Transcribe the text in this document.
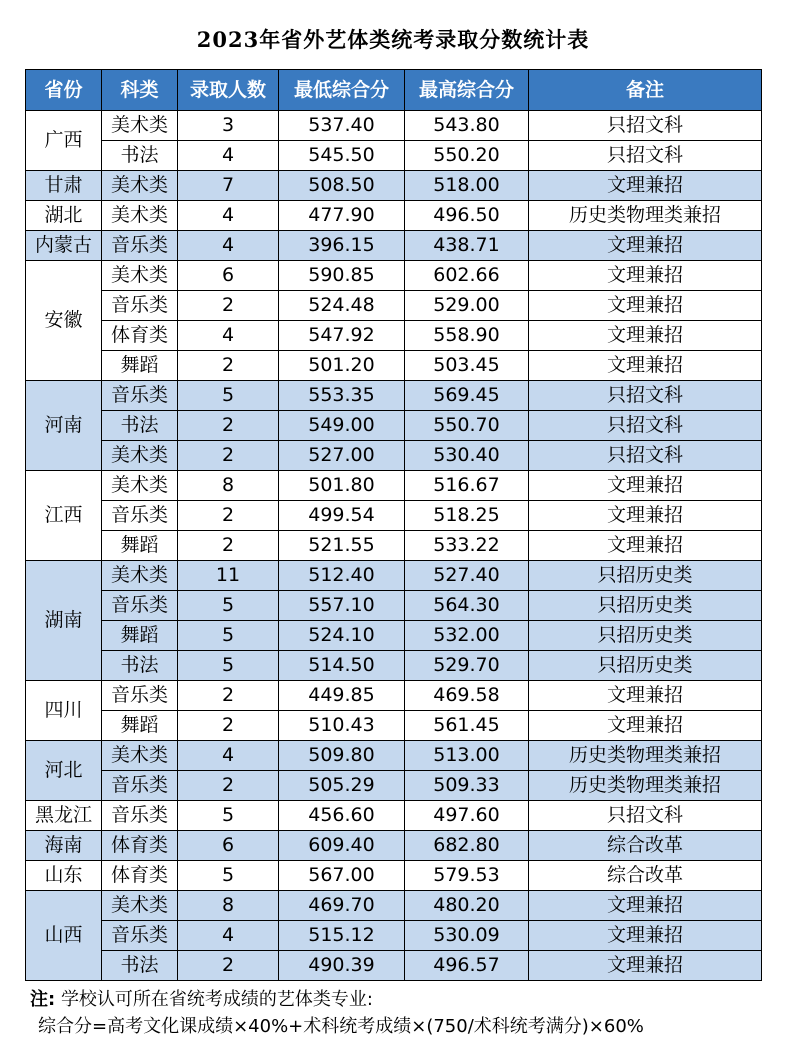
2023年省外艺体类统考录取分数统计表
省份	科类	录取人数	最低综合分	最高综合分	备注
广西	美术类	3	537.40	543.80	只招文科
	书法	4	545.50	550.20	只招文科
甘肃	美术类	7	508.50	518.00	文理兼招
湖北	美术类	4	477.90	496.50	历史类物理类兼招
内蒙古	音乐类	4	396.15	438.71	文理兼招
安徽	美术类	6	590.85	602.66	文理兼招
	音乐类	2	524.48	529.00	文理兼招
	体育类	4	547.92	558.90	文理兼招
	舞蹈	2	501.20	503.45	文理兼招
河南	音乐类	5	553.35	569.45	只招文科
	书法	2	549.00	550.70	只招文科
	美术类	2	527.00	530.40	只招文科
江西	美术类	8	501.80	516.67	文理兼招
	音乐类	2	499.54	518.25	文理兼招
	舞蹈	2	521.55	533.22	文理兼招
湖南	美术类	11	512.40	527.40	只招历史类
	音乐类	5	557.10	564.30	只招历史类
	舞蹈	5	524.10	532.00	只招历史类
	书法	5	514.50	529.70	只招历史类
四川	音乐类	2	449.85	469.58	文理兼招
	舞蹈	2	510.43	561.45	文理兼招
河北	美术类	4	509.80	513.00	历史类物理类兼招
	音乐类	2	505.29	509.33	历史类物理类兼招
黑龙江	音乐类	5	456.60	497.60	只招文科
海南	体育类	6	609.40	682.80	综合改革
山东	体育类	5	567.00	579.53	综合改革
山西	美术类	8	469.70	480.20	文理兼招
	音乐类	4	515.12	530.09	文理兼招
	书法	2	490.39	496.57	文理兼招
注: 学校认可所在省统考成绩的艺体类专业:
综合分=高考文化课成绩×40%+术科统考成绩×(750/术科统考满分)×60%
